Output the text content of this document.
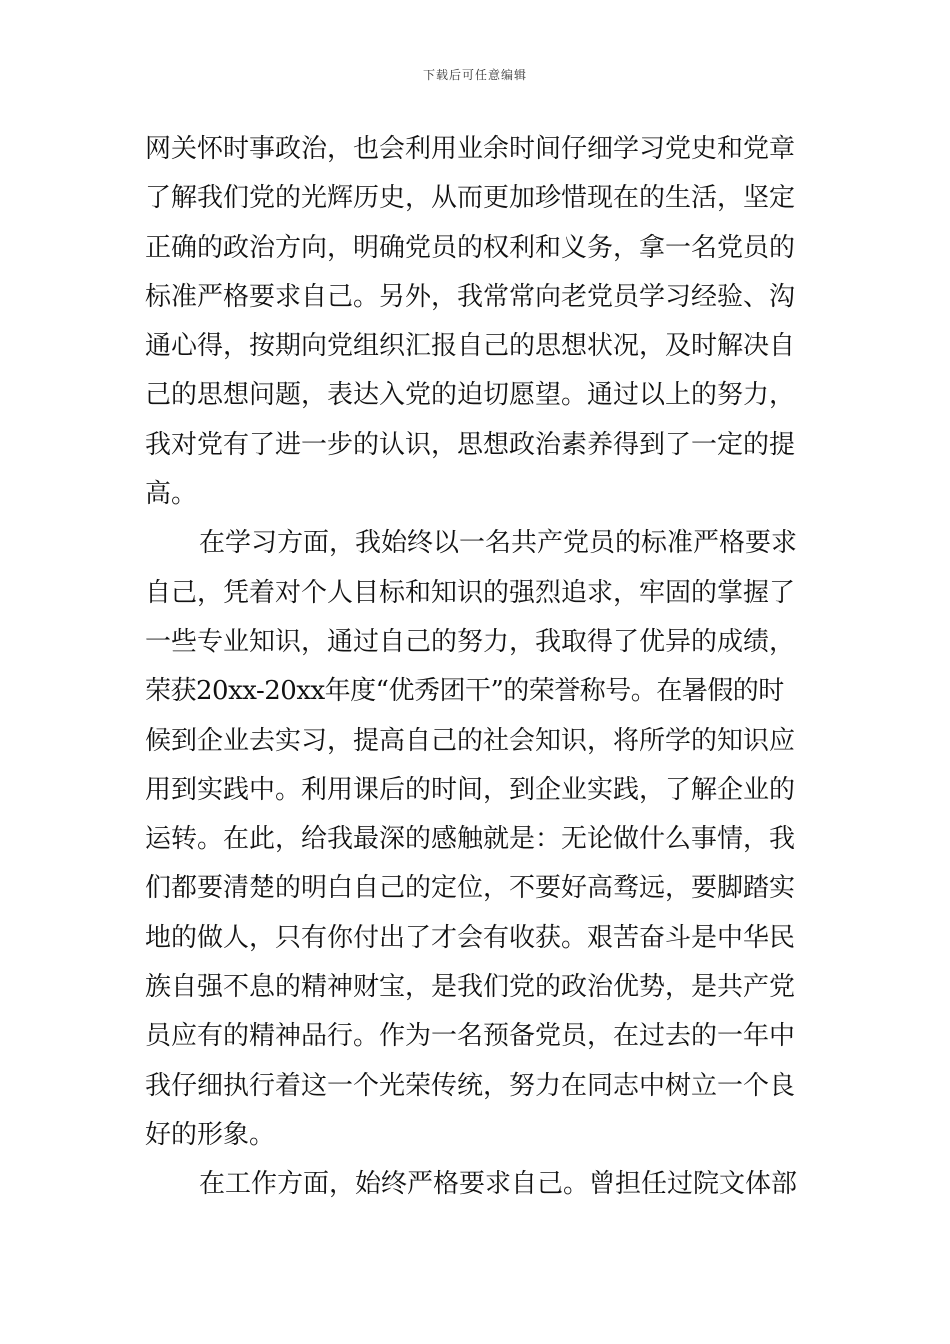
下载后可任意编辑
网关怀时事政治，也会利用业余时间仔细学习党史和党章
了解我们党的光辉历史，从而更加珍惜现在的生活，坚定
正确的政治方向，明确党员的权利和义务，拿一名党员的
标准严格要求自己。另外，我常常向老党员学习经验、沟
通心得，按期向党组织汇报自己的思想状况，及时解决自
己的思想问题，表达入党的迫切愿望。通过以上的努力，
我对党有了进一步的认识，思想政治素养得到了一定的提
高。
在学习方面，我始终以一名共产党员的标准严格要求
自己，凭着对个人目标和知识的强烈追求，牢固的掌握了
一些专业知识，通过自己的努力，我取得了优异的成绩，
荣获20xx-20xx年度“优秀团干”的荣誉称号。在暑假的时
候到企业去实习，提高自己的社会知识，将所学的知识应
用到实践中。利用课后的时间，到企业实践，了解企业的
运转。在此，给我最深的感触就是：无论做什么事情，我
们都要清楚的明白自己的定位，不要好高骛远，要脚踏实
地的做人，只有你付出了才会有收获。艰苦奋斗是中华民
族自强不息的精神财宝，是我们党的政治优势，是共产党
员应有的精神品行。作为一名预备党员，在过去的一年中
我仔细执行着这一个光荣传统，努力在同志中树立一个良
好的形象。
在工作方面，始终严格要求自己。曾担任过院文体部
